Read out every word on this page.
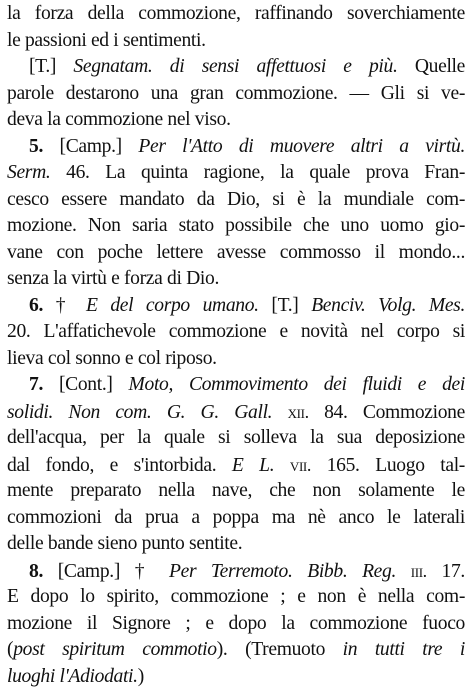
la forza della commozione, raffinando soverchiamente
le passioni ed i sentimenti.
[T.] Segnatam. di sensi affettuosi e più. Quelle
parole destarono una gran commozione. — Gli si ve-
deva la commozione nel viso.
5. [Camp.] Per l'Atto di muovere altri a virtù.
Serm. 46. La quinta ragione, la quale prova Fran-
cesco essere mandato da Dio, si è la mundiale com-
mozione. Non saria stato possibile che uno uomo gio-
vane con poche lettere avesse commosso il mondo...
senza la virtù e forza di Dio.
6. † E del corpo umano. [T.] Benciv. Volg. Mes.
20. L'affatichevole commozione e novità nel corpo si
lieva col sonno e col riposo.
7. [Cont.] Moto, Commovimento dei fluidi e dei
solidi. Non com. G. G. Gall. xii. 84. Commozione
dell'acqua, per la quale si solleva la sua deposizione
dal fondo, e s'intorbida. E L. vii. 165. Luogo tal-
mente preparato nella nave, che non solamente le
commozioni da prua a poppa ma nè anco le laterali
delle bande sieno punto sentite.
8. [Camp.] † Per Terremoto. Bibb. Reg. iii. 17.
E dopo lo spirito, commozione ; e non è nella com-
mozione il Signore ; e dopo la commozione fuoco
(post spiritum commotio). (Tremuoto in tutti tre i
luoghi l'Adiodati.)
